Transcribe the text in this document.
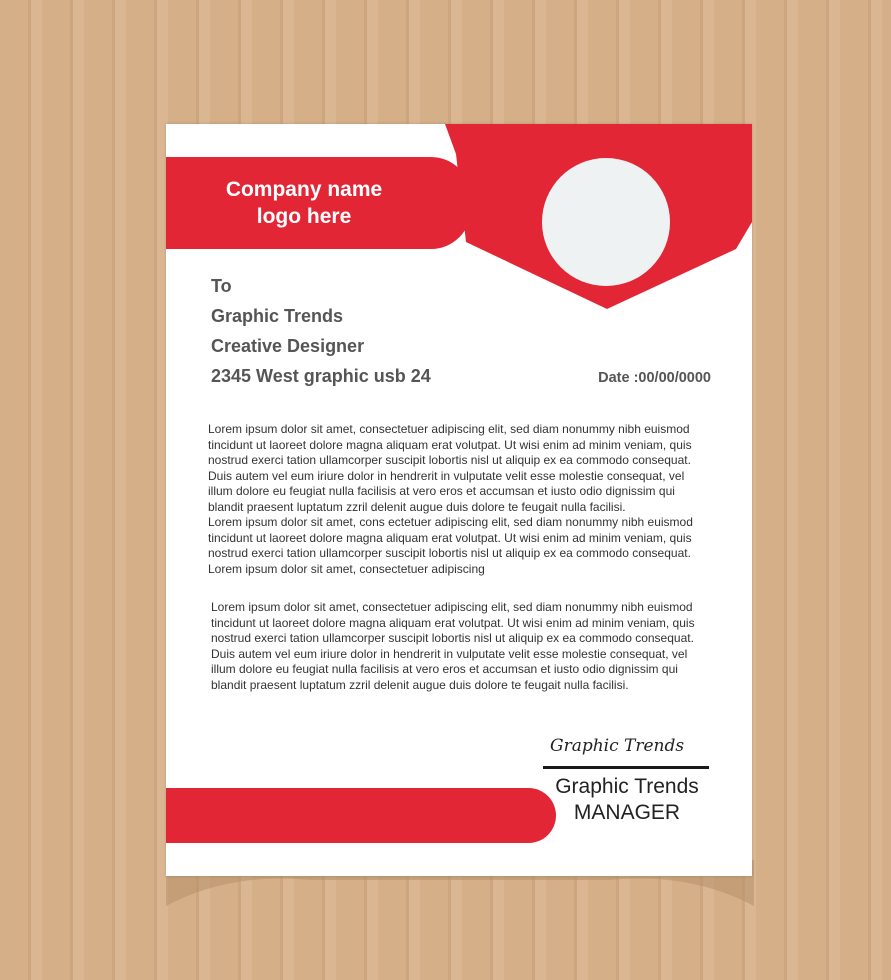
Company name
logo here
To
Graphic Trends
Creative Designer
2345 West graphic usb 24	Date :00/00/0000
Lorem ipsum dolor sit amet, consectetuer adipiscing elit, sed diam nonummy nibh euismod
tincidunt ut laoreet dolore magna aliquam erat volutpat. Ut wisi enim ad minim veniam, quis
nostrud exerci tation ullamcorper suscipit lobortis nisl ut aliquip ex ea commodo consequat.
Duis autem vel eum iriure dolor in hendrerit in vulputate velit esse molestie consequat, vel
illum dolore eu feugiat nulla facilisis at vero eros et accumsan et iusto odio dignissim qui
blandit praesent luptatum zzril delenit augue duis dolore te feugait nulla facilisi.
Lorem ipsum dolor sit amet, cons ectetuer adipiscing elit, sed diam nonummy nibh euismod
tincidunt ut laoreet dolore magna aliquam erat volutpat. Ut wisi enim ad minim veniam, quis
nostrud exerci tation ullamcorper suscipit lobortis nisl ut aliquip ex ea commodo consequat.
Lorem ipsum dolor sit amet, consectetuer adipiscing
Lorem ipsum dolor sit amet, consectetuer adipiscing elit, sed diam nonummy nibh euismod
tincidunt ut laoreet dolore magna aliquam erat volutpat. Ut wisi enim ad minim veniam, quis
nostrud exerci tation ullamcorper suscipit lobortis nisl ut aliquip ex ea commodo consequat.
Duis autem vel eum iriure dolor in hendrerit in vulputate velit esse molestie consequat, vel
illum dolore eu feugiat nulla facilisis at vero eros et accumsan et iusto odio dignissim qui
blandit praesent luptatum zzril delenit augue duis dolore te feugait nulla facilisi.
Graphic Trends
Graphic Trends
MANAGER
